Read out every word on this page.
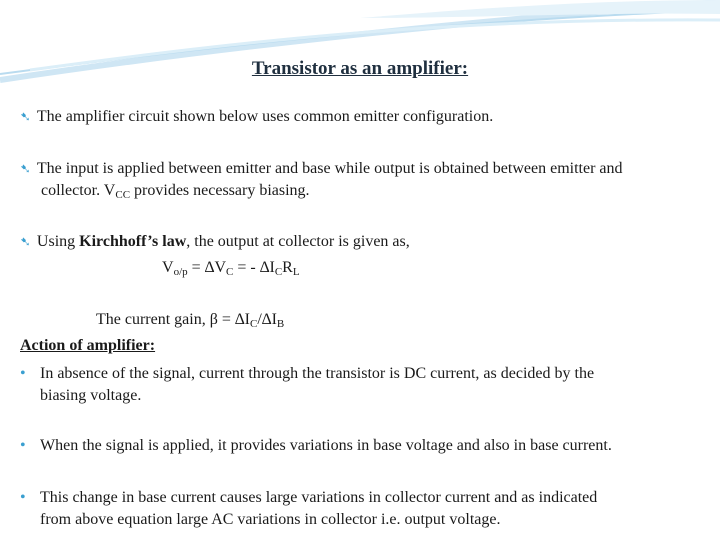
Transistor as an amplifier:
➷ The amplifier circuit shown below uses common emitter configuration.
➷ The input is applied between emitter and base while output is obtained between emitter and
collector. $V_{CC}$ provides necessary biasing.
➷ Using Kirchhoff’s law, the output at collector is given as,
$V_{o/p} = \Delta V_C$ = - $\Delta I_CR_L$
The current gain, $\beta = \Delta I_C/\Delta I_B$
Action of amplifier:
• In absence of the signal, current through the transistor is DC current, as decided by the
biasing voltage.
• When the signal is applied, it provides variations in base voltage and also in base current.
• This change in base current causes large variations in collector current and as indicated
from above equation large AC variations in collector i.e. output voltage.
